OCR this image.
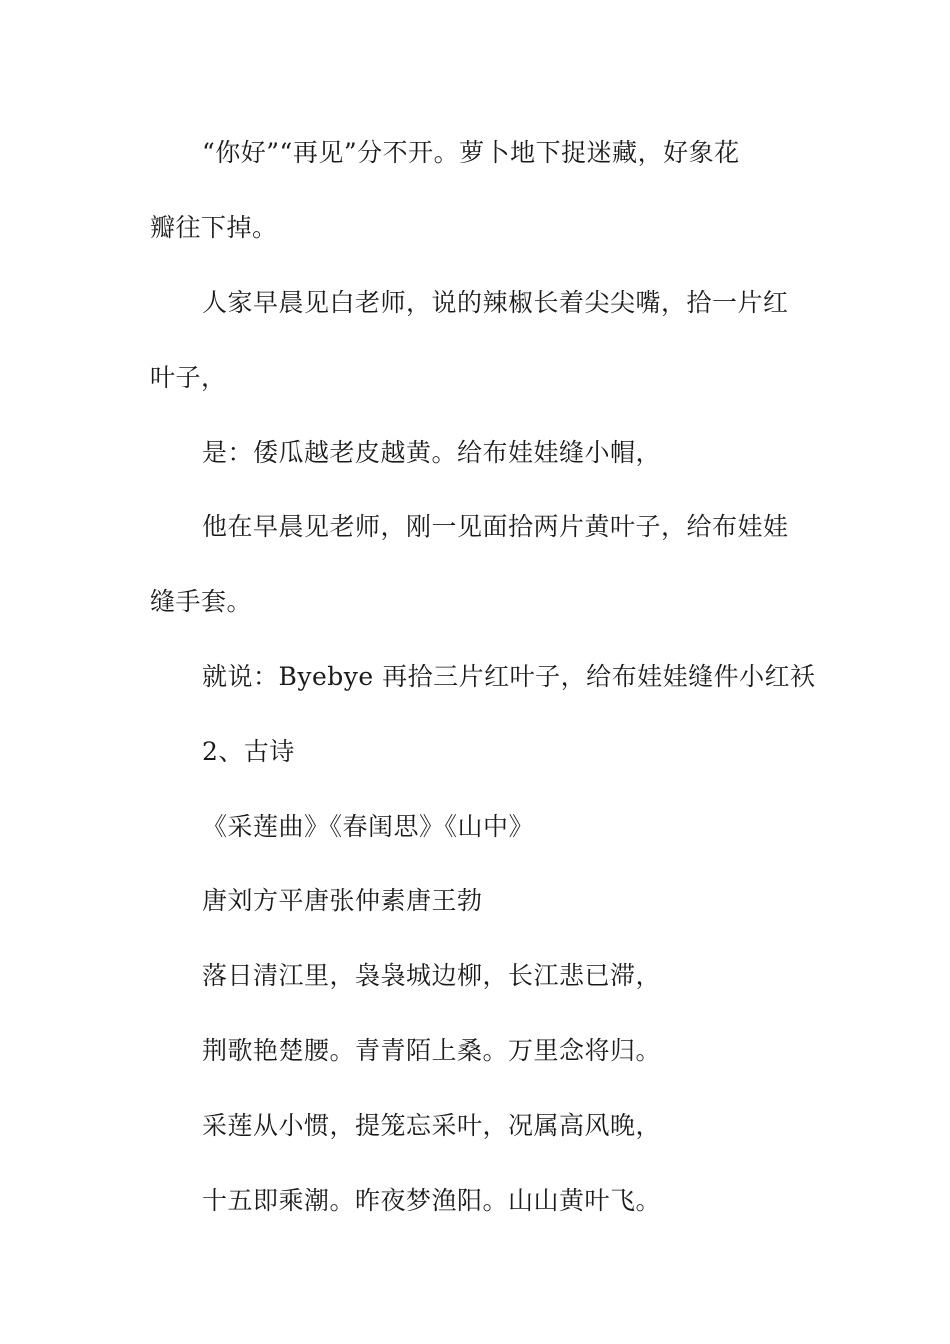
“你好”“再见”分不开。萝卜地下捉迷藏，好象花
瓣往下掉。
人家早晨见白老师，说的辣椒长着尖尖嘴，拾一片红
叶子，
是：倭瓜越老皮越黄。给布娃娃缝小帽，
他在早晨见老师，刚一见面拾两片黄叶子，给布娃娃
缝手套。
就说：Byebye 再拾三片红叶子，给布娃娃缝件小红袄
2、古诗
《采莲曲》《春闺思》《山中》
唐刘方平唐张仲素唐王勃
落日清江里，袅袅城边柳，长江悲已滞，
荆歌艳楚腰。青青陌上桑。万里念将归。
采莲从小惯，提笼忘采叶，况属高风晚，
十五即乘潮。昨夜梦渔阳。山山黄叶飞。
